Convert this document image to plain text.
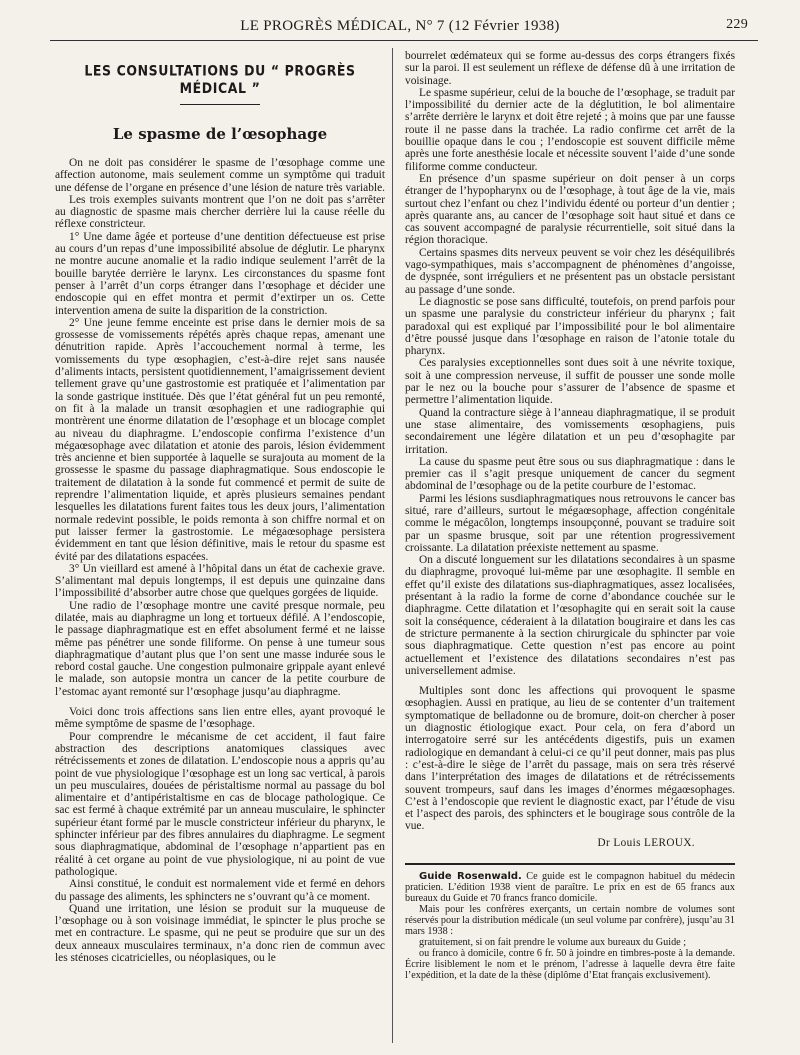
LE PROGRÈS MÉDICAL, N° 7 (12 Février 1938)	229
LES CONSULTATIONS DU “ PROGRÈS MÉDICAL ”
Le spasme de l’œsophage

On ne doit pas considérer le spasme de l’œsophage comme une affection autonome, mais seulement comme un symptôme qui traduit une défense de l’organe en présence d’une lésion de nature très variable.

Les trois exemples suivants montrent que l’on ne doit pas s’arrêter au diagnostic de spasme mais chercher derrière lui la cause réelle du réflexe constricteur.

1° Une dame âgée et porteuse d’une dentition défectueuse est prise au cours d’un repas d’une impossibilité absolue de déglutir. Le pharynx ne montre aucune anomalie et la radio indique seulement l’arrêt de la bouille barytée derrière le larynx. Les circonstances du spasme font penser à l’arrêt d’un corps étranger dans l’œsophage et décider une endoscopie qui en effet montra et permit d’extirper un os. Cette intervention amena de suite la disparition de la constriction.

2° Une jeune femme enceinte est prise dans le dernier mois de sa grossesse de vomissements répétés après chaque repas, amenant une dénutrition rapide. Après l’accouchement normal à terme, les vomissements du type œsophagien, c’est-à-dire rejet sans nausée d’aliments intacts, persistent quotidiennement, l’amaigrissement devient tellement grave qu’une gastrostomie est pratiquée et l’alimentation par la sonde gastrique instituée. Dès que l’état général fut un peu remonté, on fit à la malade un transit œsophagien et une radiographie qui montrèrent une énorme dilatation de l’œsophage et un blocage complet au niveau du diaphragme. L’endoscopie confirma l’existence d’un mégaœsophage avec dilatation et atonie des parois, lésion évidemment très ancienne et bien supportée à laquelle se surajouta au moment de la grossesse le spasme du passage diaphragmatique. Sous endoscopie le traitement de dilatation à la sonde fut commencé et permit de suite de reprendre l’alimentation liquide, et après plusieurs semaines pendant lesquelles les dilatations furent faites tous les deux jours, l’alimentation normale redevint possible, le poids remonta à son chiffre normal et on put laisser fermer la gastrostomie. Le mégaœsophage persistera évidemment en tant que lésion définitive, mais le retour du spasme est évité par des dilatations espacées.

3° Un vieillard est amené à l’hôpital dans un état de cachexie grave. S’alimentant mal depuis longtemps, il est depuis une quinzaine dans l’impossibilité d’absorber autre chose que quelques gorgées de liquide.

Une radio de l’œsophage montre une cavité presque normale, peu dilatée, mais au diaphragme un long et tortueux défilé. A l’endoscopie, le passage diaphragmatique est en effet absolument fermé et ne laisse même pas pénétrer une sonde filiforme. On pense à une tumeur sous diaphragmatique d’autant plus que l’on sent une masse indurée sous le rebord costal gauche. Une congestion pulmonaire grippale ayant enlevé le malade, son autopsie montra un cancer de la petite courbure de l’estomac ayant remonté sur l’œsophage jusqu’au diaphragme.

Voici donc trois affections sans lien entre elles, ayant provoqué le même symptôme de spasme de l’œsophage.

Pour comprendre le mécanisme de cet accident, il faut faire abstraction des descriptions anatomiques classiques avec rétrécissements et zones de dilatation. L’endoscopie nous a appris qu’au point de vue physiologique l’œsophage est un long sac vertical, à parois un peu musculaires, douées de péristaltisme normal au passage du bol alimentaire et d’antipéristaltisme en cas de blocage pathologique. Ce sac est fermé à chaque extrémité par un anneau musculaire, le sphincter supérieur étant formé par le muscle constricteur inférieur du pharynx, le sphincter inférieur par des fibres annulaires du diaphragme. Le segment sous diaphragmatique, abdominal de l’œsophage n’appartient pas en réalité à cet organe au point de vue physiologique, ni au point de vue pathologique.

Ainsi constitué, le conduit est normalement vide et fermé en dehors du passage des aliments, les sphincters ne s’ouvrant qu’à ce moment.

Quand une irritation, une lésion se produit sur la muqueuse de l’œsophage ou à son voisinage immédiat, le spincter le plus proche se met en contracture. Le spasme, qui ne peut se produire que sur un des deux anneaux musculaires terminaux, n’a donc rien de commun avec les sténoses cicatricielles, ou néoplasiques, ou le

bourrelet œdémateux qui se forme au-dessus des corps étrangers fixés sur la paroi. Il est seulement un réflexe de défense dû à une irritation de voisinage.

Le spasme supérieur, celui de la bouche de l’œsophage, se traduit par l’impossibilité du dernier acte de la déglutition, le bol alimentaire s’arrête derrière le larynx et doit être rejeté ; à moins que par une fausse route il ne passe dans la trachée. La radio confirme cet arrêt de la bouillie opaque dans le cou ; l’endoscopie est souvent difficile même après une forte anesthésie locale et nécessite souvent l’aide d’une sonde filiforme comme conducteur.

En présence d’un spasme supérieur on doit penser à un corps étranger de l’hypopharynx ou de l’œsophage, à tout âge de la vie, mais surtout chez l’enfant ou chez l’individu édenté ou porteur d’un dentier ; après quarante ans, au cancer de l’œsophage soit haut situé et dans ce cas souvent accompagné de paralysie récurrentielle, soit situé dans la région thoracique.

Certains spasmes dits nerveux peuvent se voir chez les déséquilibrés vago-sympathiques, mais s’accompagnent de phénomènes d’angoisse, de dyspnée, sont irréguliers et ne présentent pas un obstacle persistant au passage d’une sonde.

Le diagnostic se pose sans difficulté, toutefois, on prend parfois pour un spasme une paralysie du constricteur inférieur du pharynx ; fait paradoxal qui est expliqué par l’impossibilité pour le bol alimentaire d’être poussé jusque dans l’œsophage en raison de l’atonie totale du pharynx.

Ces paralysies exceptionnelles sont dues soit à une névrite toxique, soit à une compression nerveuse, il suffit de pousser une sonde molle par le nez ou la bouche pour s’assurer de l’absence de spasme et permettre l’alimentation liquide.

Quand la contracture siège à l’anneau diaphragmatique, il se produit une stase alimentaire, des vomissements œsophagiens, puis secondairement une légère dilatation et un peu d’œsophagite par irritation.

La cause du spasme peut être sous ou sus diaphragmatique : dans le premier cas il s’agit presque uniquement de cancer du segment abdominal de l’œsophage ou de la petite courbure de l’estomac.

Parmi les lésions susdiaphragmatiques nous retrouvons le cancer bas situé, rare d’ailleurs, surtout le mégaœsophage, affection congénitale comme le mégacôlon, longtemps insoupçonné, pouvant se traduire soit par un spasme brusque, soit par une rétention progressivement croissante. La dilatation préexiste nettement au spasme.

On a discuté longuement sur les dilatations secondaires à un spasme du diaphragme, provoqué lui-même par une œsophagite. Il semble en effet qu’il existe des dilatations sus-diaphragmatiques, assez localisées, présentant à la radio la forme de corne d’abondance couchée sur le diaphragme. Cette dilatation et l’œsophagite qui en serait soit la cause soit la conséquence, céderaient à la dilatation bougiraire et dans les cas de stricture permanente à la section chirurgicale du sphincter par voie sous diaphragmatique. Cette question n’est pas encore au point actuellement et l’existence des dilatations secondaires n’est pas universellement admise.

Multiples sont donc les affections qui provoquent le spasme œsophagien. Aussi en pratique, au lieu de se contenter d’un traitement symptomatique de belladonne ou de bromure, doit-on chercher à poser un diagnostic étiologique exact. Pour cela, on fera d’abord un interrogatoire serré sur les antécédents digestifs, puis un examen radiologique en demandant à celui-ci ce qu’il peut donner, mais pas plus : c’est-à-dire le siège de l’arrêt du passage, mais on sera très réservé dans l’interprétation des images de dilatations et de rétrécissements souvent trompeurs, sauf dans les images d’énormes mégaœsophages. C’est à l’endoscopie que revient le diagnostic exact, par l’étude de visu et l’aspect des parois, des sphincters et le bougirage sous contrôle de la vue.

Dr Louis LEROUX.

Guide Rosenwald. Ce guide est le compagnon habituel du médecin praticien. L’édition 1938 vient de paraître. Le prix en est de 65 francs aux bureaux du Guide et 70 francs franco domicile.

Mais pour les confrères exerçants, un certain nombre de volumes sont réservés pour la distribution médicale (un seul volume par confrère), jusqu’au 31 mars 1938 :

gratuitement, si on fait prendre le volume aux bureaux du Guide ;

ou franco à domicile, contre 6 fr. 50 à joindre en timbres-poste à la demande. Écrire lisiblement le nom et le prénom, l’adresse à laquelle devra être faite l’expédition, et la date de la thèse (diplôme d’Etat français exclusivement).
